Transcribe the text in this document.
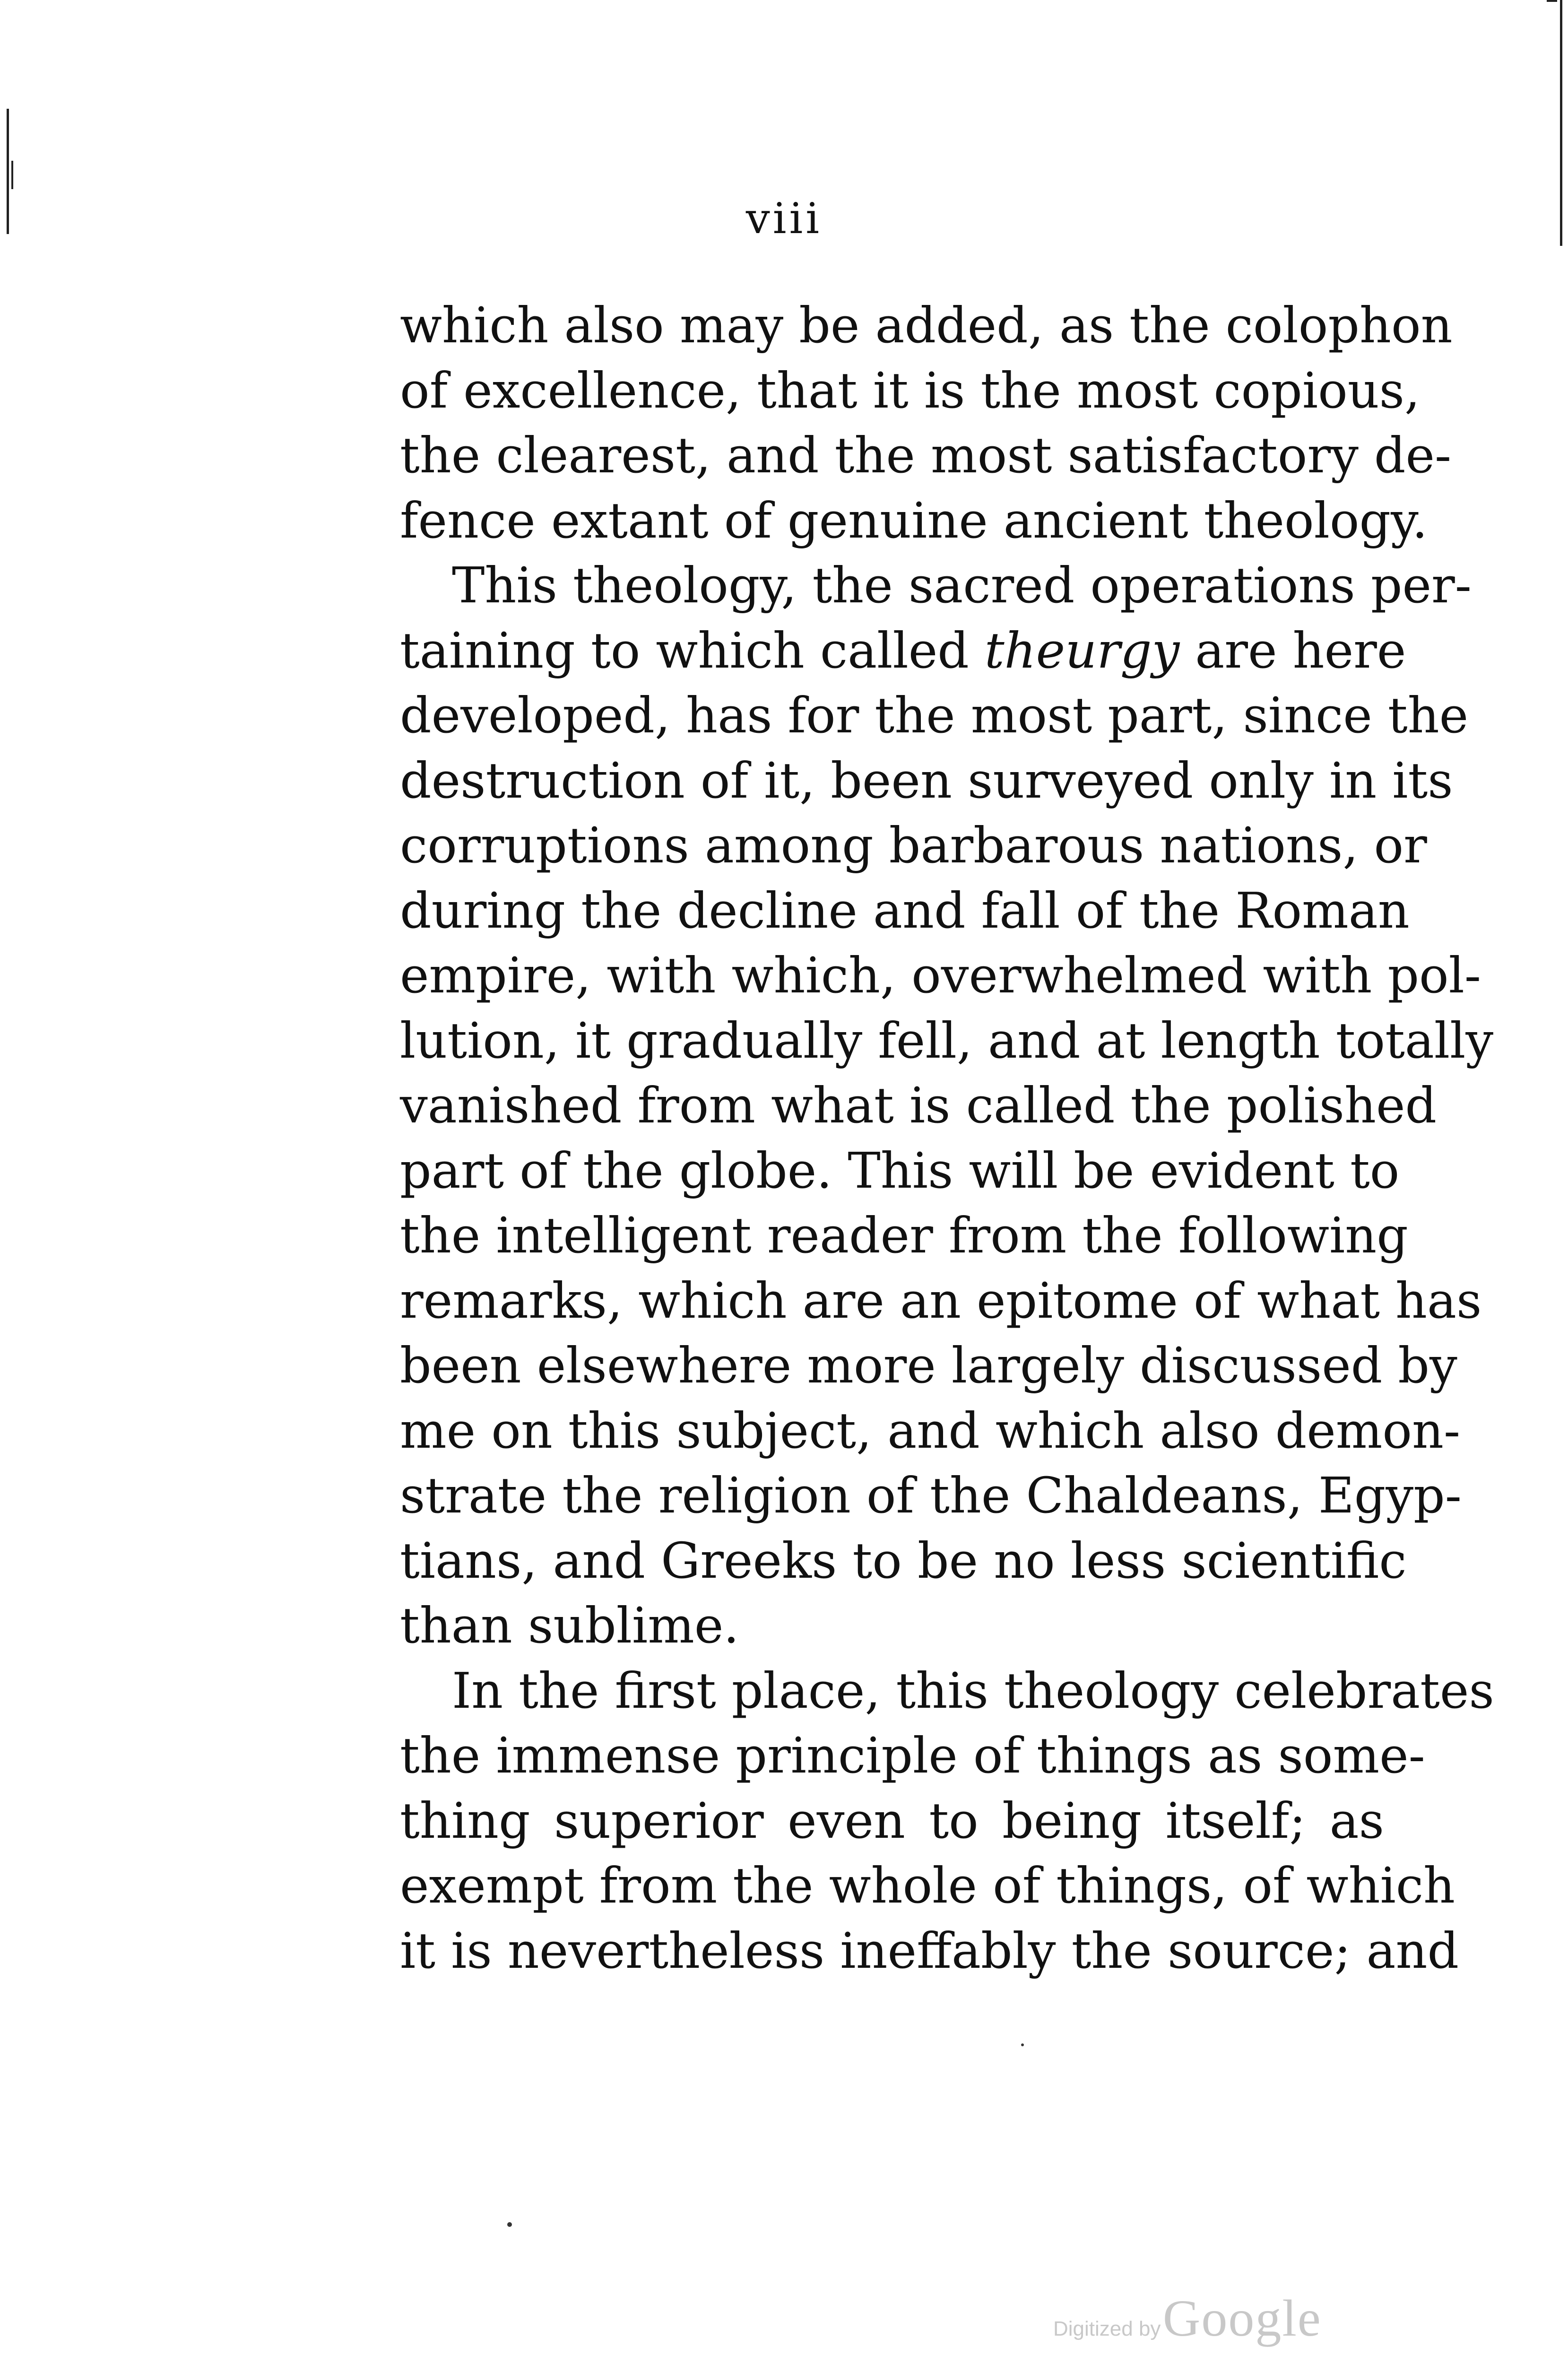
viii
which also may be added, as the colophon
of excellence, that it is the most copious,
the clearest, and the most satisfactory de-
fence extant of genuine ancient theology.
This theology, the sacred operations per-
taining to which called theurgy are here
developed, has for the most part, since the
destruction of it, been surveyed only in its
corruptions among barbarous nations, or
during the decline and fall of the Roman
empire, with which, overwhelmed with pol-
lution, it gradually fell, and at length totally
vanished from what is called the polished
part of the globe. This will be evident to
the intelligent reader from the following
remarks, which are an epitome of what has
been elsewhere more largely discussed by
me on this subject, and which also demon-
strate the religion of the Chaldeans, Egyp-
tians, and Greeks to be no less scientific
than sublime.
In the first place, this theology celebrates
the immense principle of things as some-
thing superior even to being itself; as
exempt from the whole of things, of which
it is nevertheless ineffably the source; and
Digitized by Google
